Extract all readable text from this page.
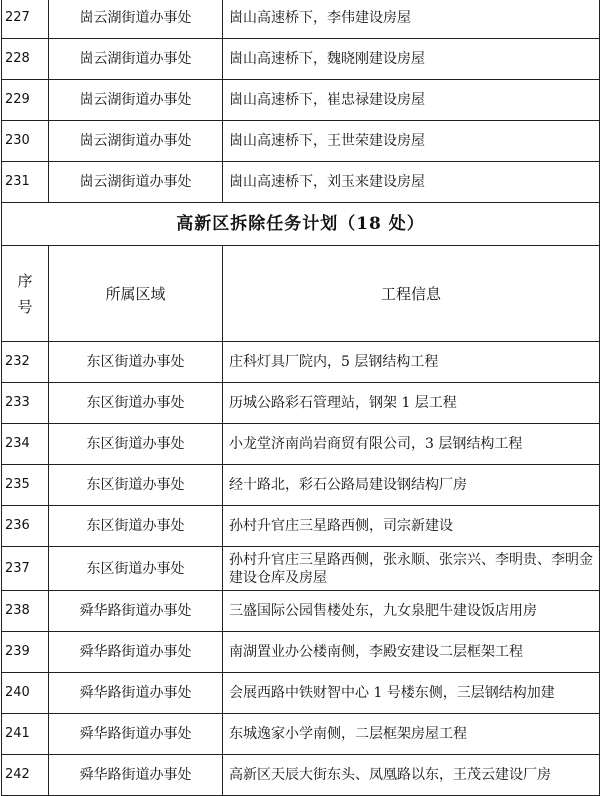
227	崮云湖街道办事处	崮山高速桥下，李伟建设房屋
228	崮云湖街道办事处	崮山高速桥下，魏晓刚建设房屋
229	崮云湖街道办事处	崮山高速桥下，崔忠禄建设房屋
230	崮云湖街道办事处	崮山高速桥下，王世荣建设房屋
231	崮云湖街道办事处	崮山高速桥下，刘玉来建设房屋
高新区拆除任务计划（18 处）		

序
号	所属区域	工程信息
232	东区街道办事处	庄科灯具厂院内，5 层钢结构工程
233	东区街道办事处	历城公路彩石管理站，钢架 1 层工程
234	东区街道办事处	小龙堂济南尚岩商贸有限公司，3 层钢结构工程
235	东区街道办事处	经十路北，彩石公路局建设钢结构厂房
236	东区街道办事处	孙村升官庄三星路西侧，司宗新建设
237	东区街道办事处	孙村升官庄三星路西侧，张永顺、张宗兴、李明贵、李明金建设仓库及房屋
238	舜华路街道办事处	三盛国际公园售楼处东，九女泉肥牛建设饭店用房
239	舜华路街道办事处	南湖置业办公楼南侧，李殿安建设二层框架工程
240	舜华路街道办事处	会展西路中铁财智中心 1 号楼东侧，三层钢结构加建
241	舜华路街道办事处	东城逸家小学南侧，二层框架房屋工程
242	舜华路街道办事处	高新区天辰大街东头、凤凰路以东，王茂云建设厂房
